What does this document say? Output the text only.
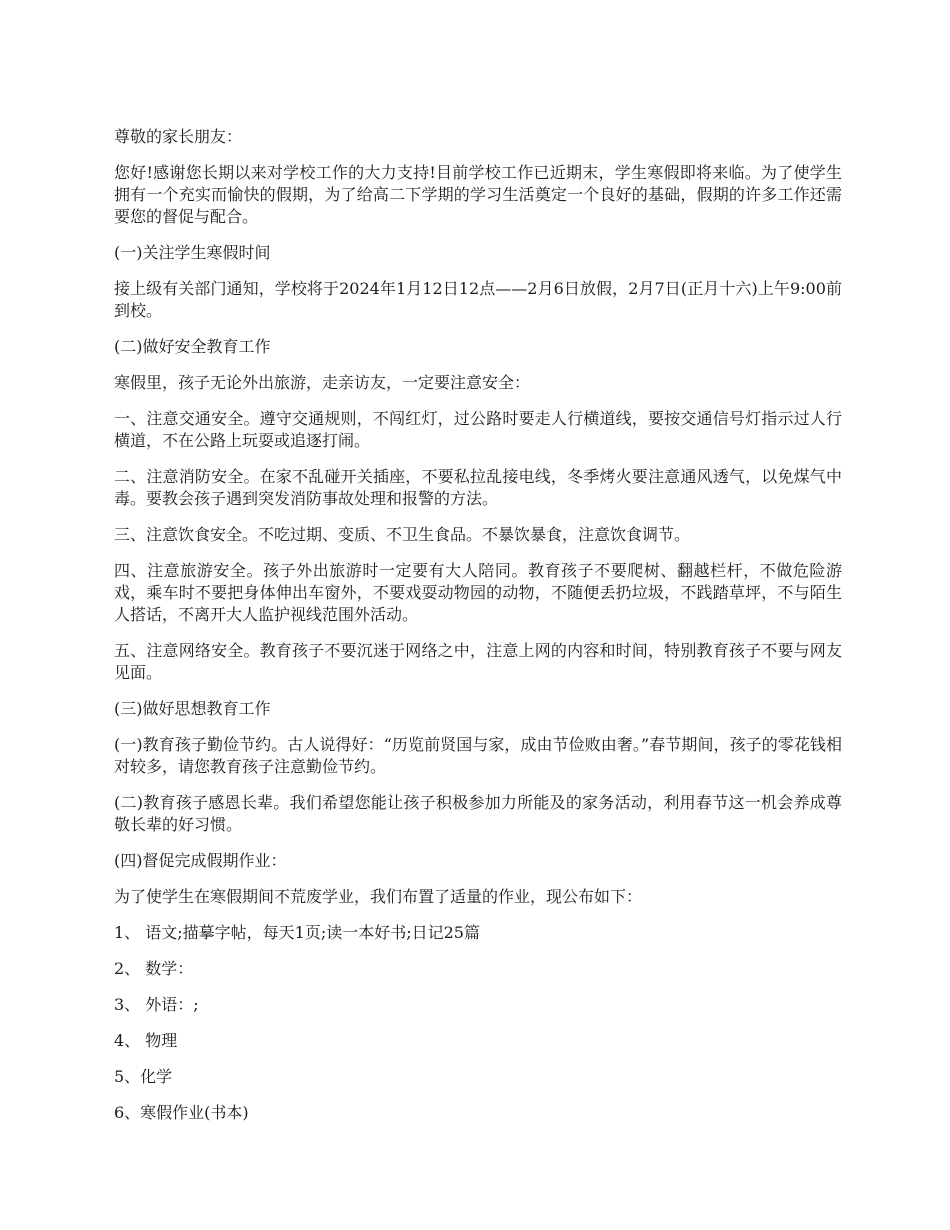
尊敬的家长朋友：

您好!感谢您长期以来对学校工作的大力支持!目前学校工作已近期末，学生寒假即将来临。为了使学生拥有一个充实而愉快的假期，为了给高二下学期的学习生活奠定一个良好的基础，假期的许多工作还需要您的督促与配合。

(一)关注学生寒假时间

接上级有关部门通知，学校将于2024年1月12日12点——2月6日放假，2月7日(正月十六)上午9:00前到校。

(二)做好安全教育工作

寒假里，孩子无论外出旅游，走亲访友，一定要注意安全：

一、注意交通安全。遵守交通规则，不闯红灯，过公路时要走人行横道线，要按交通信号灯指示过人行横道，不在公路上玩耍或追逐打闹。

二、注意消防安全。在家不乱碰开关插座，不要私拉乱接电线，冬季烤火要注意通风透气，以免煤气中毒。要教会孩子遇到突发消防事故处理和报警的方法。

三、注意饮食安全。不吃过期、变质、不卫生食品。不暴饮暴食，注意饮食调节。

四、注意旅游安全。孩子外出旅游时一定要有大人陪同。教育孩子不要爬树、翻越栏杆，不做危险游戏，乘车时不要把身体伸出车窗外，不要戏耍动物园的动物，不随便丢扔垃圾，不践踏草坪，不与陌生人搭话，不离开大人监护视线范围外活动。

五、注意网络安全。教育孩子不要沉迷于网络之中，注意上网的内容和时间，特别教育孩子不要与网友见面。

(三)做好思想教育工作

(一)教育孩子勤俭节约。古人说得好：“历览前贤国与家，成由节俭败由奢。”春节期间，孩子的零花钱相对较多，请您教育孩子注意勤俭节约。

(二)教育孩子感恩长辈。我们希望您能让孩子积极参加力所能及的家务活动，利用春节这一机会养成尊敬长辈的好习惯。

(四)督促完成假期作业：

为了使学生在寒假期间不荒废学业，我们布置了适量的作业，现公布如下：

1、 语文;描摹字帖，每天1页;读一本好书;日记25篇

2、 数学：

3、 外语：;

4、 物理

5、化学

6、寒假作业(书本)
